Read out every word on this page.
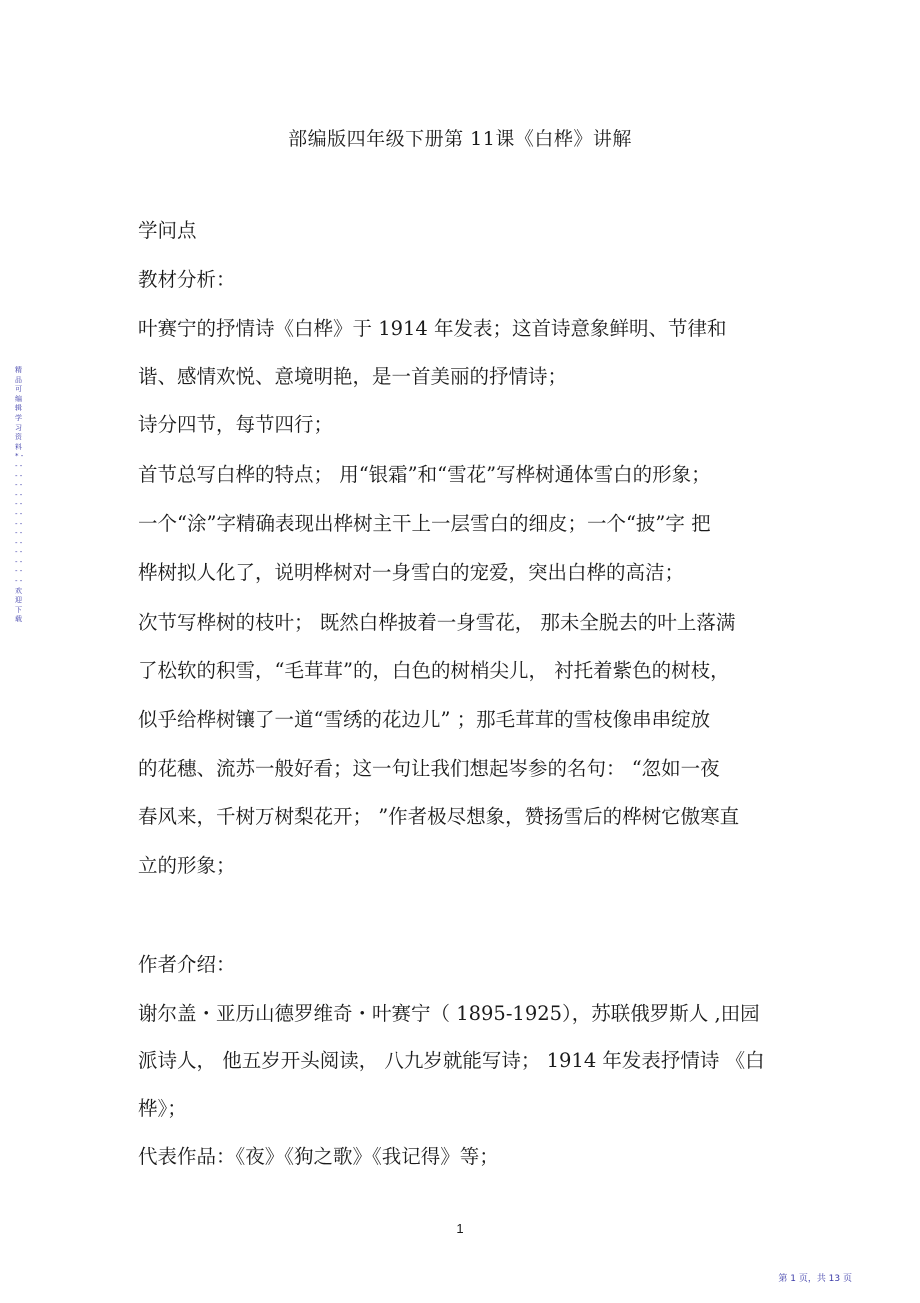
精品可编辑学习资料 * - - - - - - - - - - - - - - - - - - - - - - - - - - - 欢迎下载
部编版四年级下册第 11课《白桦》讲解
学问点
教材分析：
叶赛宁的抒情诗《白桦》于 1914 年发表；这首诗意象鲜明、节律和
谐、感情欢悦、意境明艳，是一首美丽的抒情诗；
诗分四节，每节四行；
首节总写白桦的特点； 用“银霜”和“雪花”写桦树通体雪白的形象；
一个“涂”字精确表现出桦树主干上一层雪白的细皮；一个“披”字 把
桦树拟人化了，说明桦树对一身雪白的宠爱，突出白桦的高洁；
次节写桦树的枝叶； 既然白桦披着一身雪花， 那未全脱去的叶上落满
了松软的积雪，“毛茸茸”的，白色的树梢尖儿， 衬托着紫色的树枝，
似乎给桦树镶了一道“雪绣的花边儿” ；那毛茸茸的雪枝像串串绽放
的花穗、流苏一般好看；这一句让我们想起岑参的名句： “忽如一夜
春风来，千树万树梨花开； ”作者极尽想象，赞扬雪后的桦树它傲寒直
立的形象；
作者介绍：
谢尔盖・亚历山德罗维奇・叶赛宁（ 1895-1925），苏联俄罗斯人 ,田园
派诗人， 他五岁开头阅读， 八九岁就能写诗； 1914 年发表抒情诗 《白
桦》；
代表作品：《夜》《狗之歌》《我记得》等；
1
第 1 页，共 13 页
